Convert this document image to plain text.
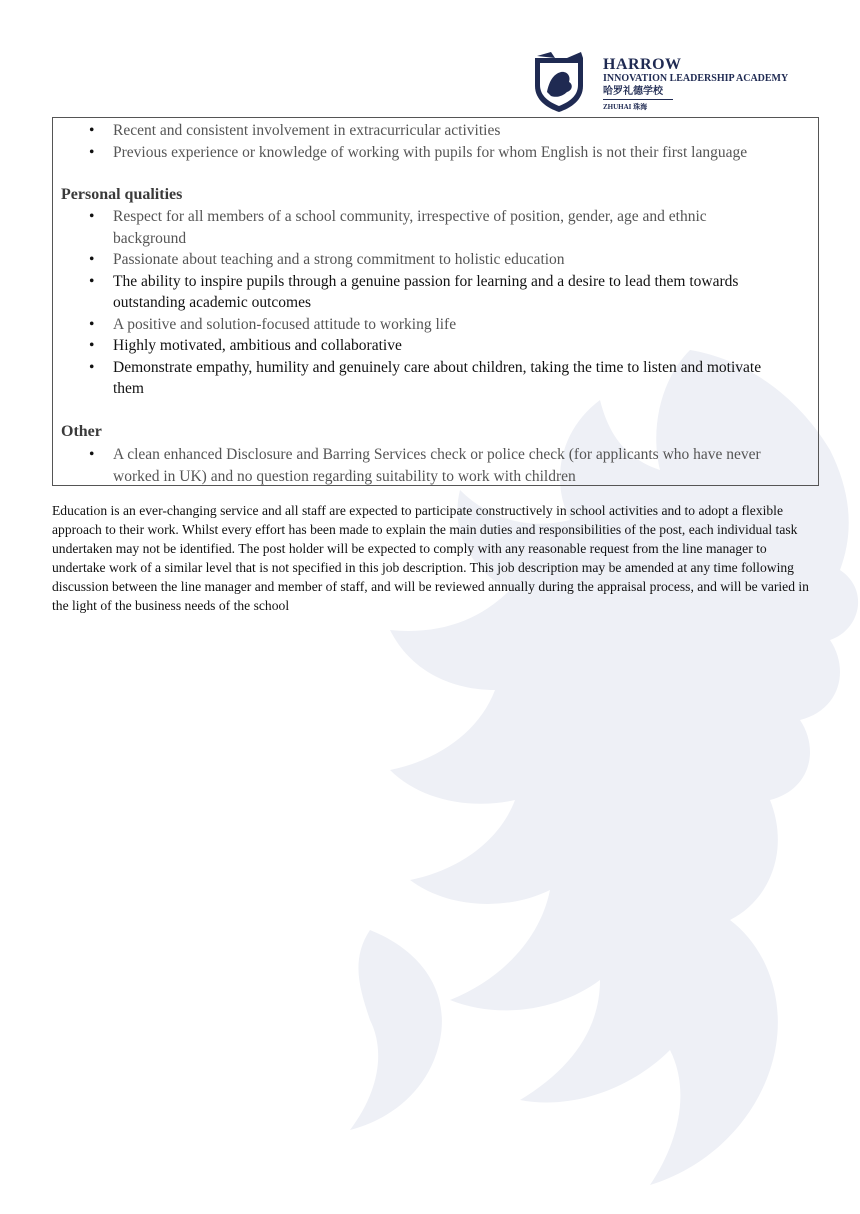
HARROW
INNOVATION LEADERSHIP ACADEMY
哈罗礼德学校
ZHUHAI 珠海
• Recent and consistent involvement in extracurricular activities
• Previous experience or knowledge of working with pupils for whom English is not their first language
Personal qualities
• Respect for all members of a school community, irrespective of position, gender, age and ethnic background
• Passionate about teaching and a strong commitment to holistic education
• The ability to inspire pupils through a genuine passion for learning and a desire to lead them towards outstanding academic outcomes
• A positive and solution-focused attitude to working life
• Highly motivated, ambitious and collaborative
• Demonstrate empathy, humility and genuinely care about children, taking the time to listen and motivate them
Other
• A clean enhanced Disclosure and Barring Services check or police check (for applicants who have never worked in UK) and no question regarding suitability to work with children
Education is an ever-changing service and all staff are expected to participate constructively in school activities and to adopt a flexible approach to their work. Whilst every effort has been made to explain the main duties and responsibilities of the post, each individual task undertaken may not be identified. The post holder will be expected to comply with any reasonable request from the line manager to undertake work of a similar level that is not specified in this job description. This job description may be amended at any time following discussion between the line manager and member of staff, and will be reviewed annually during the appraisal process, and will be varied in the light of the business needs of the school
